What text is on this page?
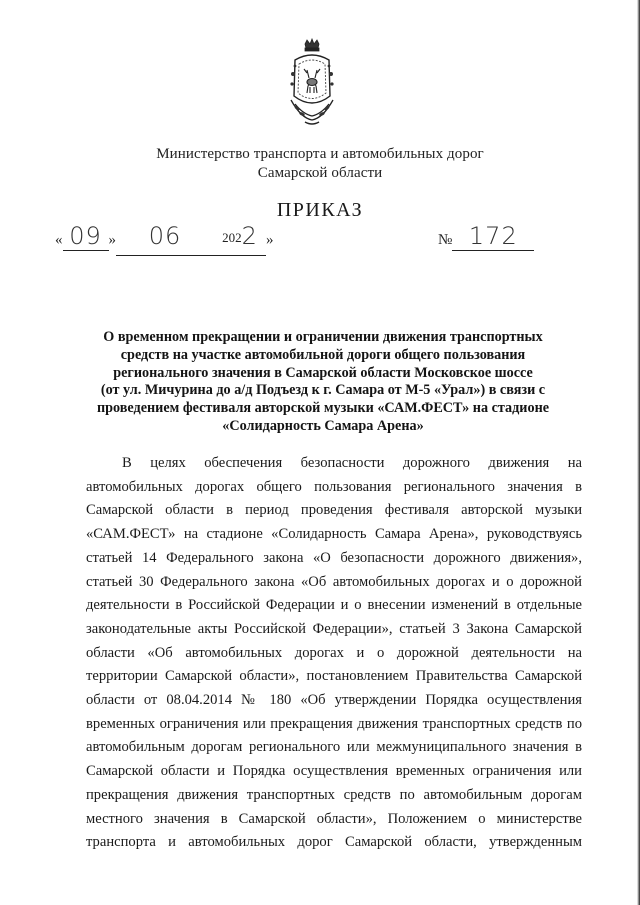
Министерство транспорта и автомобильных дорог
Самарской области
ПРИКАЗ
« 09 » 06	2022 »	№ 172
О временном прекращении и ограничении движения транспортных
средств на участке автомобильной дороги общего пользования
регионального значения в Самарской области Московское шоссе
(от ул. Мичурина до а/д Подъезд к г. Самара от М-5 «Урал») в связи с
проведением фестиваля авторской музыки «САМ.ФЕСТ» на стадионе
«Солидарность Самара Арена»
В целях обеспечения безопасности дорожного движения на
автомобильных дорогах общего пользования регионального значения в
Самарской области в период проведения фестиваля авторской музыки
«САМ.ФЕСТ» на стадионе «Солидарность Самара Арена», руководствуясь
статьей 14 Федерального закона «О безопасности дорожного движения»,
статьей 30 Федерального закона «Об автомобильных дорогах и о дорожной
деятельности в Российской Федерации и о внесении изменений в отдельные
законодательные акты Российской Федерации», статьей 3 Закона Самарской
области «Об автомобильных дорогах и о дорожной деятельности на
территории Самарской области», постановлением Правительства Самарской
области от 08.04.2014 № 180 «Об утверждении Порядка осуществления
временных ограничения или прекращения движения транспортных средств по
автомобильным дорогам регионального или межмуниципального значения в
Самарской области и Порядка осуществления временных ограничения или
прекращения движения транспортных средств по автомобильным дорогам
местного значения в Самарской области», Положением о министерстве
транспорта и автомобильных дорог Самарской области, утвержденным
